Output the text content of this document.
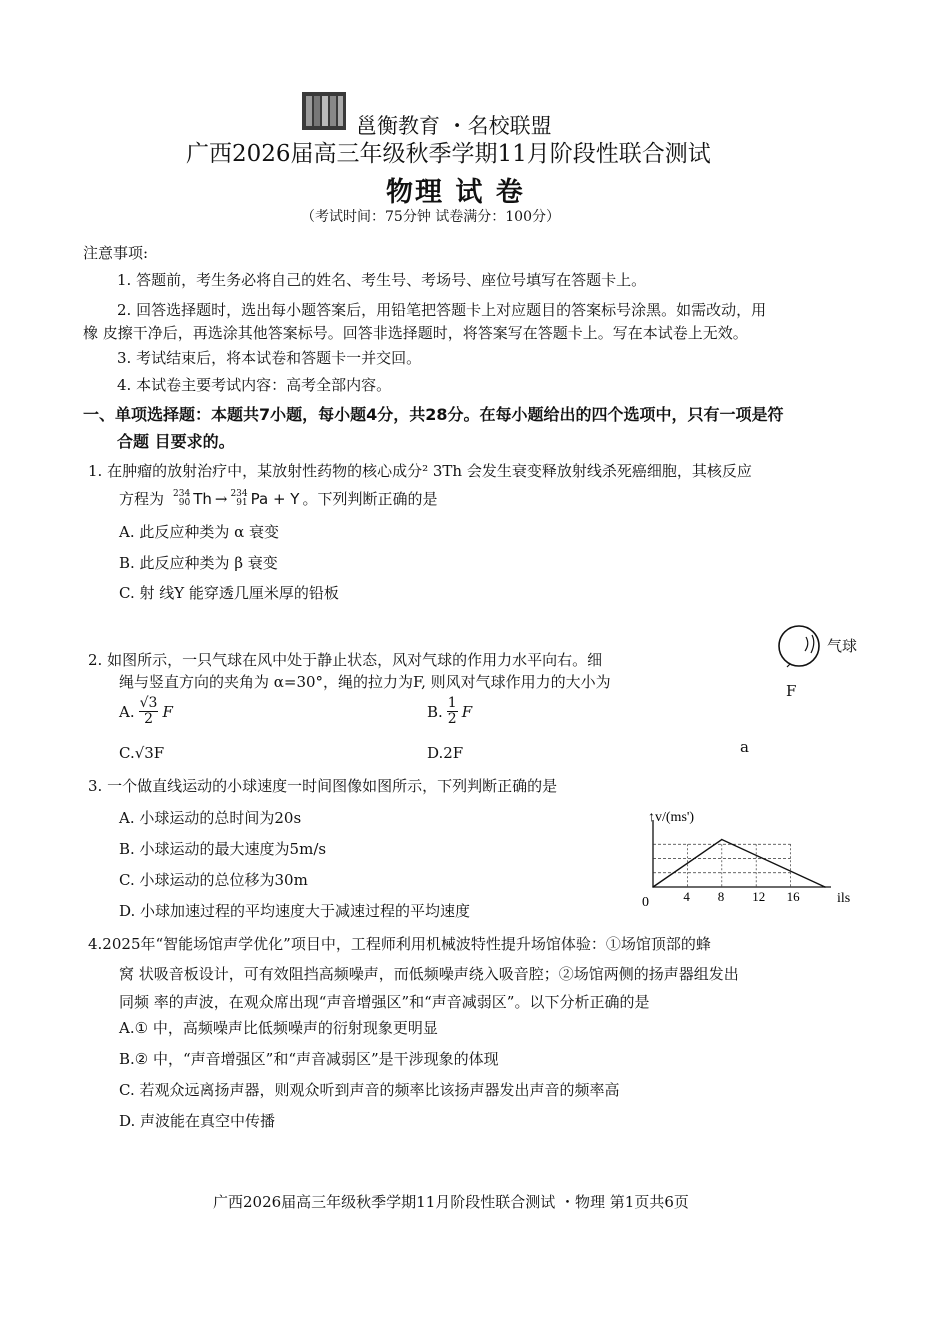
邕衡教育 ・名校联盟
广西2026届高三年级秋季学期11月阶段性联合测试
物理 试 卷
（考试时间：75分钟 试卷满分：100分）
注意事项:
1. 答题前，考生务必将自己的姓名、考生号、考场号、座位号填写在答题卡上。
2. 回答选择题时，选出每小题答案后，用铅笔把答题卡上对应题目的答案标号涂黑。如需改动，用
橡 皮擦干净后，再选涂其他答案标号。回答非选择题时，将答案写在答题卡上。写在本试卷上无效。
3. 考试结束后，将本试卷和答题卡一并交回。
4. 本试卷主要考试内容：高考全部内容。
一、单项选择题：本题共7小题，每小题4分，共28分。在每小题给出的四个选项中，只有一项是符
合题 目要求的。
1. 在肿瘤的放射治疗中，某放射性药物的核心成分² 3Th 会发生衰变释放射线杀死癌细胞，其核反应
方程为 234
90 Th → 234
91 Pa + Y 。下列判断正确的是
A. 此反应种类为 α 衰变
B. 此反应种类为 β 衰变
C. 射 线Y 能穿透几厘米厚的铅板
2. 如图所示，一只气球在风中处于静止状态，风对气球的作用力水平向右。细
绳与竖直方向的夹角为 α=30°，绳的拉力为F, 则风对气球作用力的大小为
A. $\frac{√3}{2}$ F	B. $\frac{1}{2}$ F
C.√3F	D.2F
气球
F
a
3. 一个做直线运动的小球速度一时间图像如图所示，下列判断正确的是
A. 小球运动的总时间为20s
B. 小球运动的最大速度为5m/s
C. 小球运动的总位移为30m
D. 小球加速过程的平均速度大于减速过程的平均速度
↑v/(ms')
ils
0	4 8 12 16
4.2025年“智能场馆声学优化”项目中，工程师利用机械波特性提升场馆体验：①场馆顶部的蜂
窝 状吸音板设计，可有效阻挡高频噪声，而低频噪声绕入吸音腔；②场馆两侧的扬声器组发出
同频 率的声波，在观众席出现“声音增强区”和“声音减弱区”。以下分析正确的是
A.① 中，高频噪声比低频噪声的衍射现象更明显
B.② 中，“声音增强区”和“声音减弱区”是干涉现象的体现
C. 若观众远离扬声器，则观众听到声音的频率比该扬声器发出声音的频率高
D. 声波能在真空中传播
广西2026届高三年级秋季学期11月阶段性联合测试 ・物理 第1页共6页
